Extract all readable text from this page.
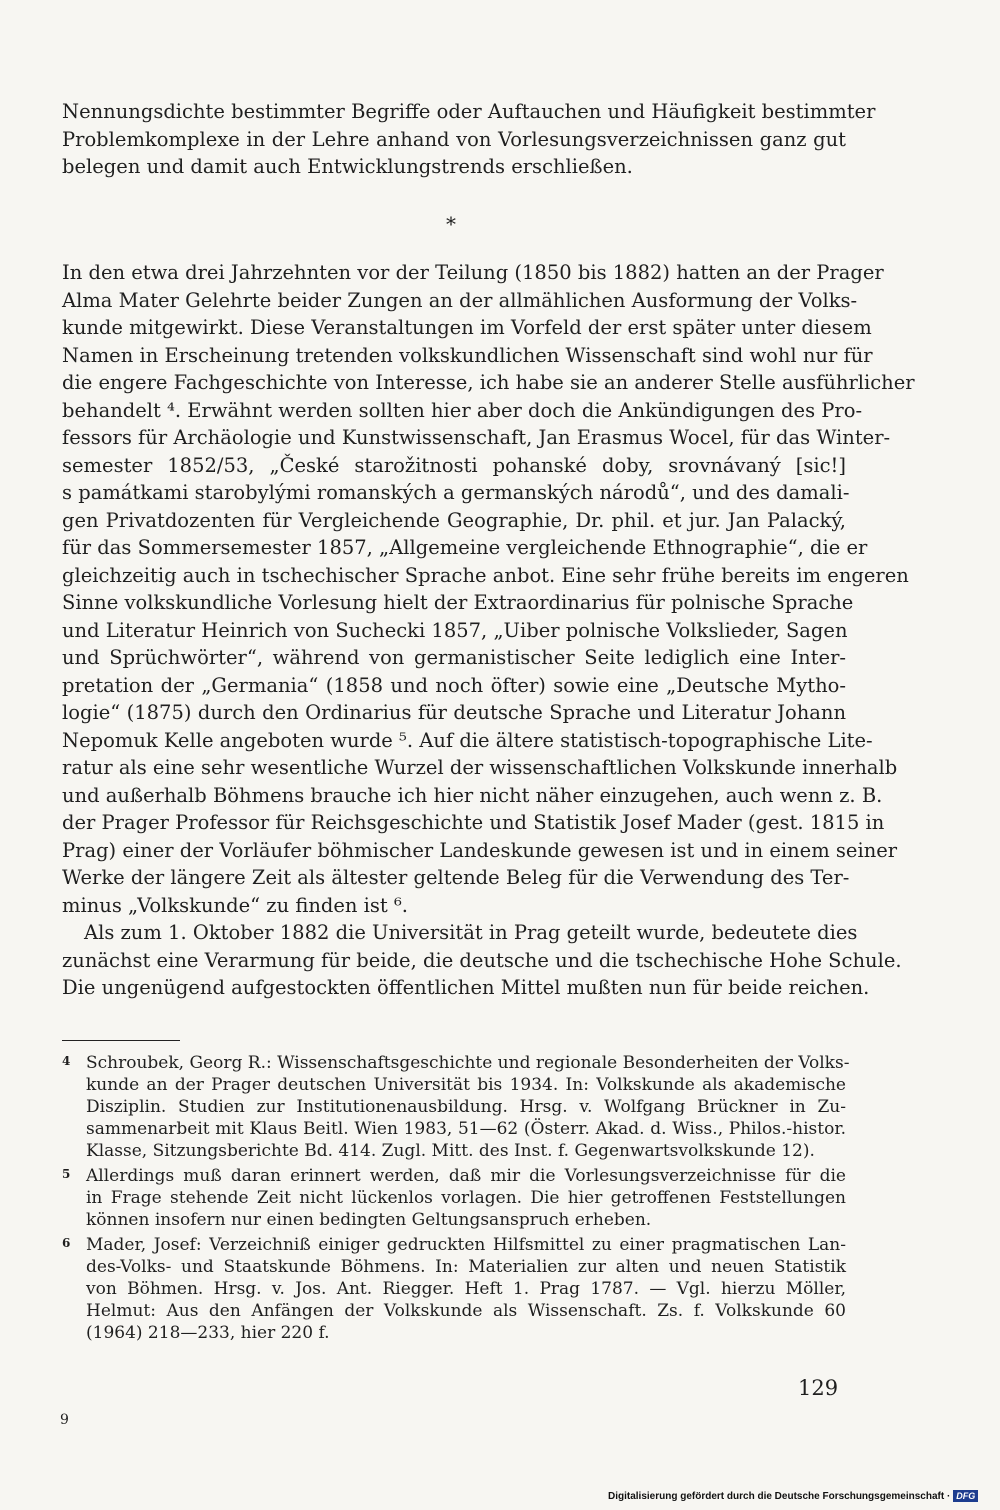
Nennungsdichte bestimmter Begriffe oder Auftauchen und Häufigkeit bestimmter
Problemkomplexe in der Lehre anhand von Vorlesungsverzeichnissen ganz gut
belegen und damit auch Entwicklungstrends erschließen.
*
In den etwa drei Jahrzehnten vor der Teilung (1850 bis 1882) hatten an der Prager
Alma Mater Gelehrte beider Zungen an der allmählichen Ausformung der Volks-
kunde mitgewirkt. Diese Veranstaltungen im Vorfeld der erst später unter diesem
Namen in Erscheinung tretenden volkskundlichen Wissenschaft sind wohl nur für
die engere Fachgeschichte von Interesse, ich habe sie an anderer Stelle ausführlicher
behandelt ⁴. Erwähnt werden sollten hier aber doch die Ankündigungen des Pro-
fessors für Archäologie und Kunstwissenschaft, Jan Erasmus Wocel, für das Winter-
semester 1852/53, „České starožitnosti pohanské doby, srovnávaný [sic!]
s památkami starobylými romanských a germanských národů“, und des damali-
gen Privatdozenten für Vergleichende Geographie, Dr. phil. et jur. Jan Palacký,
für das Sommersemester 1857, „Allgemeine vergleichende Ethnographie“, die er
gleichzeitig auch in tschechischer Sprache anbot. Eine sehr frühe bereits im engeren
Sinne volkskundliche Vorlesung hielt der Extraordinarius für polnische Sprache
und Literatur Heinrich von Suchecki 1857, „Uiber polnische Volkslieder, Sagen
und Sprüchwörter“, während von germanistischer Seite lediglich eine Inter-
pretation der „Germania“ (1858 und noch öfter) sowie eine „Deutsche Mytho-
logie“ (1875) durch den Ordinarius für deutsche Sprache und Literatur Johann
Nepomuk Kelle angeboten wurde ⁵. Auf die ältere statistisch-topographische Lite-
ratur als eine sehr wesentliche Wurzel der wissenschaftlichen Volkskunde innerhalb
und außerhalb Böhmens brauche ich hier nicht näher einzugehen, auch wenn z. B.
der Prager Professor für Reichsgeschichte und Statistik Josef Mader (gest. 1815 in
Prag) einer der Vorläufer böhmischer Landeskunde gewesen ist und in einem seiner
Werke der längere Zeit als ältester geltende Beleg für die Verwendung des Ter-
minus „Volkskunde“ zu finden ist ⁶.
Als zum 1. Oktober 1882 die Universität in Prag geteilt wurde, bedeutete dies
zunächst eine Verarmung für beide, die deutsche und die tschechische Hohe Schule.
Die ungenügend aufgestockten öffentlichen Mittel mußten nun für beide reichen.
4 Schroubek, Georg R.: Wissenschaftsgeschichte und regionale Besonderheiten der Volks-
kunde an der Prager deutschen Universität bis 1934. In: Volkskunde als akademische
Disziplin. Studien zur Institutionenausbildung. Hrsg. v. Wolfgang Brückner in Zu-
sammenarbeit mit Klaus Beitl. Wien 1983, 51—62 (Österr. Akad. d. Wiss., Philos.-histor.
Klasse, Sitzungsberichte Bd. 414. Zugl. Mitt. des Inst. f. Gegenwartsvolkskunde 12).
5 Allerdings muß daran erinnert werden, daß mir die Vorlesungsverzeichnisse für die
in Frage stehende Zeit nicht lückenlos vorlagen. Die hier getroffenen Feststellungen
können insofern nur einen bedingten Geltungsanspruch erheben.
6 Mader, Josef: Verzeichniß einiger gedruckten Hilfsmittel zu einer pragmatischen Lan-
des-Volks- und Staatskunde Böhmens. In: Materialien zur alten und neuen Statistik
von Böhmen. Hrsg. v. Jos. Ant. Riegger. Heft 1. Prag 1787. — Vgl. hierzu Möller,
Helmut: Aus den Anfängen der Volkskunde als Wissenschaft. Zs. f. Volkskunde 60
(1964) 218—233, hier 220 f.
129
9
Digitalisierung gefördert durch die Deutsche Forschungsgemeinschaft · DFG
